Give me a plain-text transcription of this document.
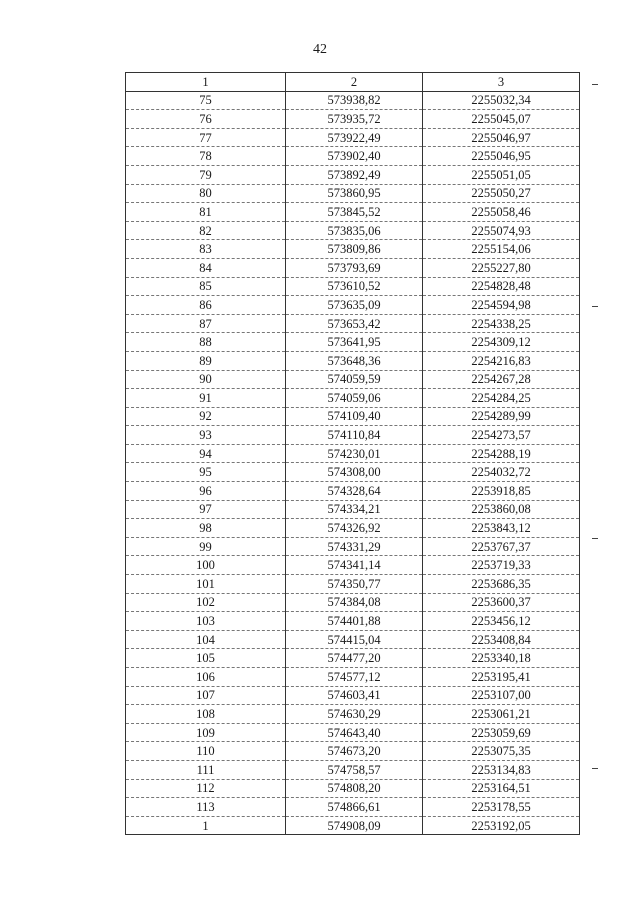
42
1	2	3
75	573938,82	2255032,34
76	573935,72	2255045,07
77	573922,49	2255046,97
78	573902,40	2255046,95
79	573892,49	2255051,05
80	573860,95	2255050,27
81	573845,52	2255058,46
82	573835,06	2255074,93
83	573809,86	2255154,06
84	573793,69	2255227,80
85	573610,52	2254828,48
86	573635,09	2254594,98
87	573653,42	2254338,25
88	573641,95	2254309,12
89	573648,36	2254216,83
90	574059,59	2254267,28
91	574059,06	2254284,25
92	574109,40	2254289,99
93	574110,84	2254273,57
94	574230,01	2254288,19
95	574308,00	2254032,72
96	574328,64	2253918,85
97	574334,21	2253860,08
98	574326,92	2253843,12
99	574331,29	2253767,37
100	574341,14	2253719,33
101	574350,77	2253686,35
102	574384,08	2253600,37
103	574401,88	2253456,12
104	574415,04	2253408,84
105	574477,20	2253340,18
106	574577,12	2253195,41
107	574603,41	2253107,00
108	574630,29	2253061,21
109	574643,40	2253059,69
110	574673,20	2253075,35
111	574758,57	2253134,83
112	574808,20	2253164,51
113	574866,61	2253178,55
1	574908,09	2253192,05
